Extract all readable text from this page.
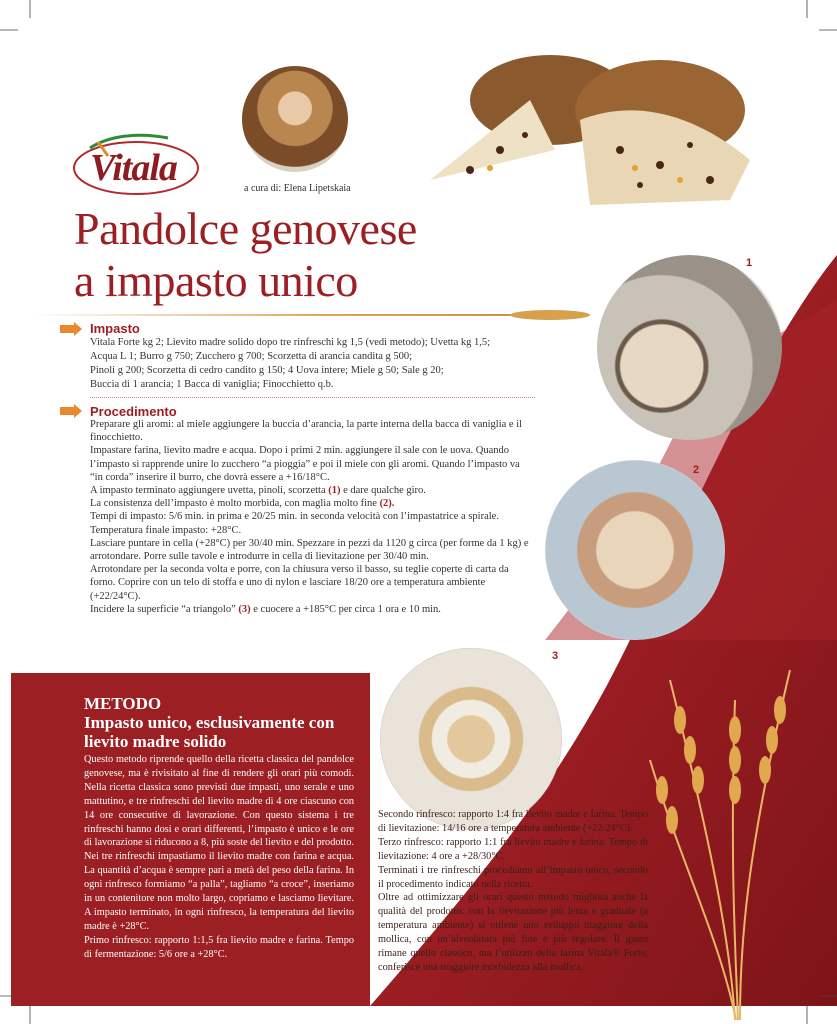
Vitala	a cura di: Elena Lipetskaia
Pandolce genovese
a impasto unico
Impasto
Vitala Forte kg 2; Lievito madre solido dopo tre rinfreschi kg 1,5 (vedi metodo); Uvetta kg 1,5;
Acqua L 1; Burro g 750; Zucchero g 700; Scorzetta di arancia candita g 500;
Pinoli g 200; Scorzetta di cedro candito g 150; 4 Uova intere; Miele g 50; Sale g 20;
Buccia di 1 arancia; 1 Bacca di vaniglia; Finocchietto q.b.
Procedimento

Preparare gli aromi: al miele aggiungere la buccia d’arancia, la parte interna della bacca di vaniglia e il finocchietto.

Impastare farina, lievito madre e acqua. Dopo i primi 2 min. aggiungere il sale con le uova. Quando l’impasto si rapprende unire lo zucchero “a pioggia” e poi il miele con gli aromi. Quando l’impasto va “in corda” inserire il burro, che dovrà essere a +16/18°C.

A impasto terminato aggiungere uvetta, pinoli, scorzetta (1) e dare qualche giro.

La consistenza dell’impasto è molto morbida, con maglia molto fine (2).

Tempi di impasto: 5/6 min. in prima e 20/25 min. in seconda velocità con l’impastatrice a spirale. Temperatura finale impasto: +28°C.

Lasciare puntare in cella (+28°C) per 30/40 min. Spezzare in pezzi da 1120 g circa (per forme da 1 kg) e arrotondare. Porre sulle tavole e introdurre in cella di lievitazione per 30/40 min.

Arrotondare per la seconda volta e porre, con la chiusura verso il basso, su teglie coperte di carta da forno. Coprire con un telo di stoffa e uno di nylon e lasciare 18/20 ore a temperatura ambiente (+22/24°C).

Incidere la superficie “a triangolo” (3) e cuocere a +185°C per circa 1 ora e 10 min.

1
2
3
METODO
Impasto unico, esclusivamente con lievito madre solido

Questo metodo riprende quello della ricetta classica del pandolce genovese, ma è rivisitato al fine di rendere gli orari più comodi. Nella ricetta classica sono previsti due impasti, uno serale e uno mattutino, e tre rinfreschi del lievito madre di 4 ore ciascuno con 14 ore consecutive di lavorazione. Con questo sistema i tre rinfreschi hanno dosi e orari differenti, l’impasto è unico e le ore di lavorazione si riducono a 8, più soste del lievito e del prodotto.

Nei tre rinfreschi impastiamo il lievito madre con farina e acqua. La quantità d’acqua è sempre pari a metà del peso della farina. In ogni rinfresco formiamo “a palla”, tagliamo “a croce”, inseriamo in un contenitore non molto largo, copriamo e lasciamo lievitare. A impasto terminato, in ogni rinfresco, la temperatura del lievito madre è +28°C.

Primo rinfresco: rapporto 1:1,5 fra lievito madre e farina. Tempo di fermentazione: 5/6 ore a +28°C.

Secondo rinfresco: rapporto 1:4 fra lievito madre e farina. Tempo di lievitazione: 14/16 ore a temperatura ambiente (+22/24°C).

Terzo rinfresco: rapporto 1:1 fra lievito madre e farina. Tempo di lievitazione: 4 ore a +28/30°C.

Terminati i tre rinfreschi procediamo all’impasto unico, secondo il procedimento indicato nella ricetta.

Oltre ad ottimizzare gli orari questo metodo migliora anche la qualità del prodotto: con la lievitazione più lenta e graduale (a temperatura ambiente) si ottiene uno sviluppo maggiore della mollica, con un’alveolatura più fine e più regolare. Il gusto rimane quello classico, ma l’utilizzo della farina Vitala® Forte, conferisce una maggiore morbidezza alla mollica.
